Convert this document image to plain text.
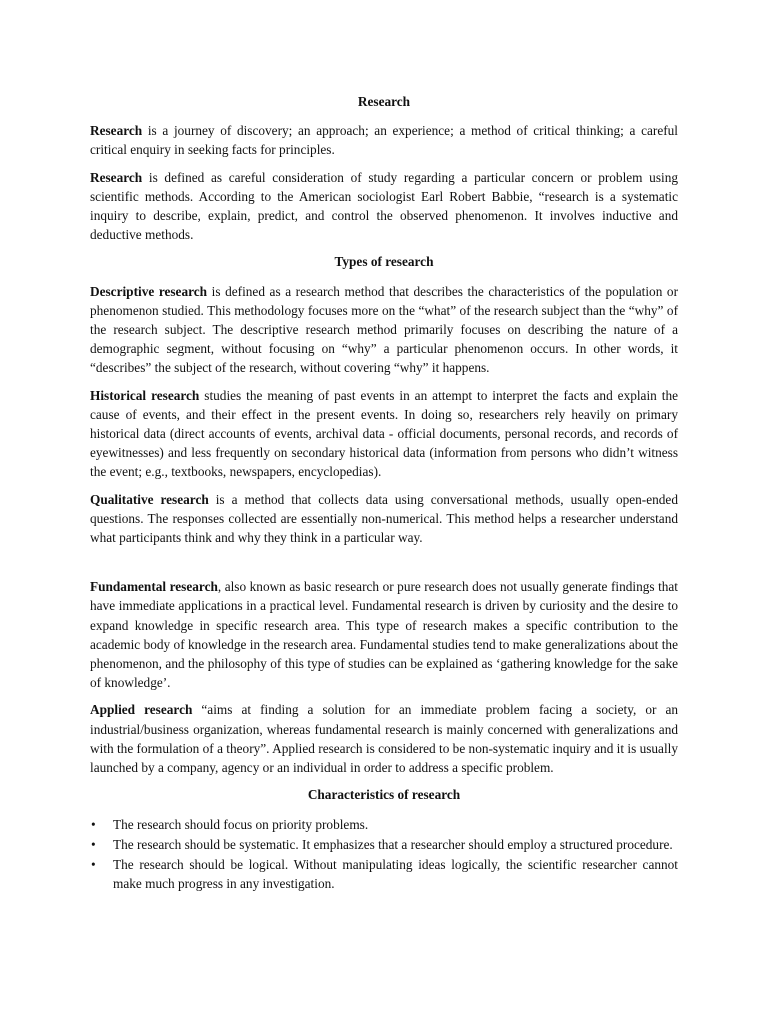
Research

Research is a journey of discovery; an approach; an experience; a method of critical thinking; a careful critical enquiry in seeking facts for principles.

Research is defined as careful consideration of study regarding a particular concern or problem using scientific methods. According to the American sociologist Earl Robert Babbie, “research is a systematic inquiry to describe, explain, predict, and control the observed phenomenon. It involves inductive and deductive methods.

Types of research

Descriptive research is defined as a research method that describes the characteristics of the population or phenomenon studied. This methodology focuses more on the “what” of the research subject than the “why” of the research subject. The descriptive research method primarily focuses on describing the nature of a demographic segment, without focusing on “why” a particular phenomenon occurs. In other words, it “describes” the subject of the research, without covering “why” it happens.

Historical research studies the meaning of past events in an attempt to interpret the facts and explain the cause of events, and their effect in the present events. In doing so, researchers rely heavily on primary historical data (direct accounts of events, archival data - official documents, personal records, and records of eyewitnesses) and less frequently on secondary historical data (information from persons who didn’t witness the event; e.g., textbooks, newspapers, encyclopedias).

Qualitative research is a method that collects data using conversational methods, usually open-ended questions. The responses collected are essentially non-numerical. This method helps a researcher understand what participants think and why they think in a particular way.

Fundamental research, also known as basic research or pure research does not usually generate findings that have immediate applications in a practical level. Fundamental research is driven by curiosity and the desire to expand knowledge in specific research area. This type of research makes a specific contribution to the academic body of knowledge in the research area. Fundamental studies tend to make generalizations about the phenomenon, and the philosophy of this type of studies can be explained as ‘gathering knowledge for the sake of knowledge’.

Applied research “aims at finding a solution for an immediate problem facing a society, or an industrial/business organization, whereas fundamental research is mainly concerned with generalizations and with the formulation of a theory”. Applied research is considered to be non-systematic inquiry and it is usually launched by a company, agency or an individual in order to address a specific problem.

Characteristics of research
• The research should focus on priority problems.
• The research should be systematic. It emphasizes that a researcher should employ a structured procedure.
• The research should be logical. Without manipulating ideas logically, the scientific researcher cannot make much progress in any investigation.
